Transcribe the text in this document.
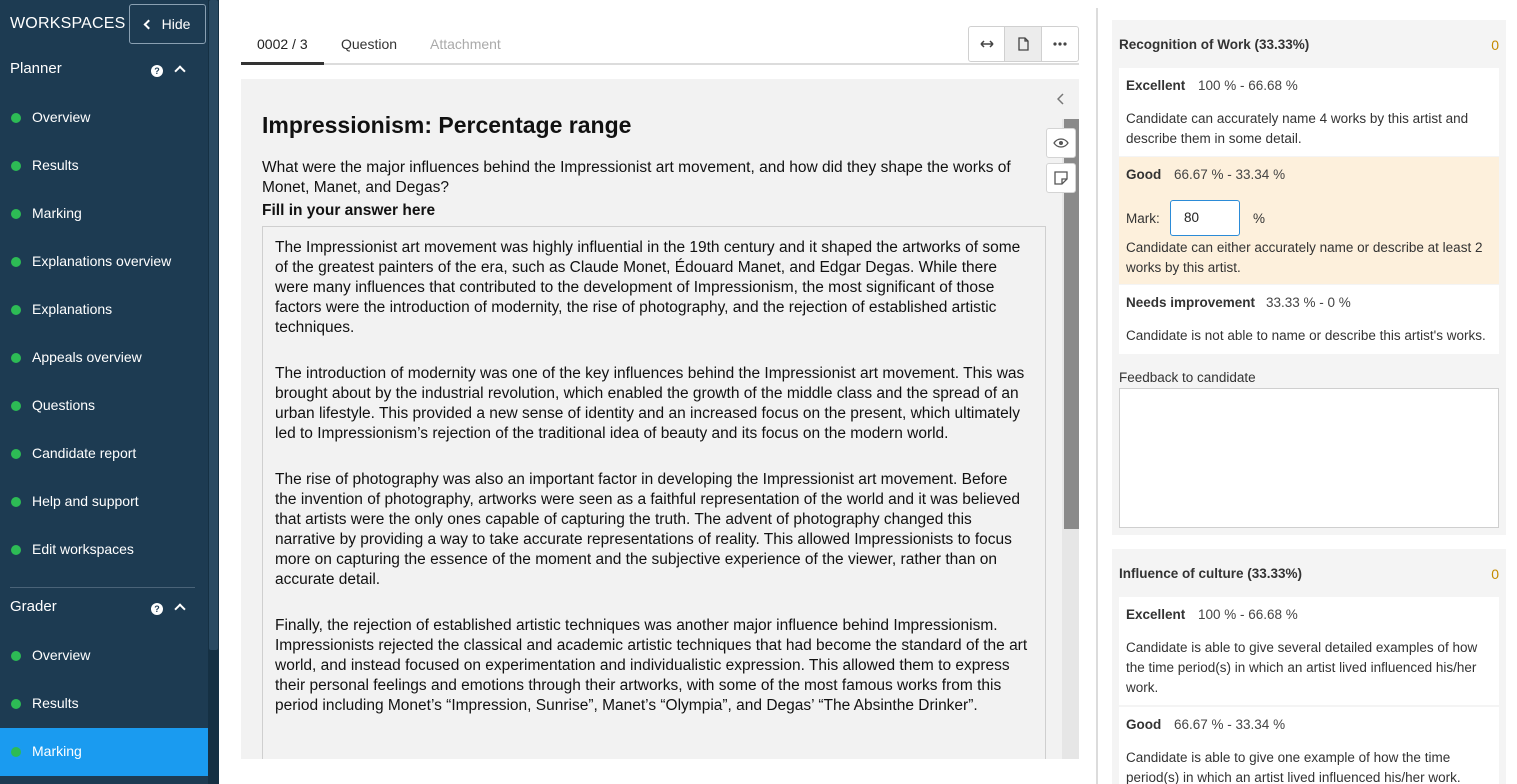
WORKSPACES	Hide
Planner	?
Overview
Results
Marking
Explanations overview
Explanations
Appeals overview
Questions
Candidate report
Help and support
Edit workspaces
Grader	?
Overview
Results
Marking
0002 / 3 Question Attachment
Impressionism: Percentage range
What were the major influences behind the Impressionist art movement, and how did they shape the works of Monet, Manet, and Degas?
Fill in your answer here

The Impressionist art movement was highly influential in the 19th century and it shaped the artworks of some of the greatest painters of the era, such as Claude Monet, Édouard Manet, and Edgar Degas. While there were many influences that contributed to the development of Impressionism, the most significant of those factors were the introduction of modernity, the rise of photography, and the rejection of established artistic techniques.

The introduction of modernity was one of the key influences behind the Impressionist art movement. This was brought about by the industrial revolution, which enabled the growth of the middle class and the spread of an urban lifestyle. This provided a new sense of identity and an increased focus on the present, which ultimately led to Impressionism’s rejection of the traditional idea of beauty and its focus on the modern world.

The rise of photography was also an important factor in developing the Impressionist art movement. Before the invention of photography, artworks were seen as a faithful representation of the world and it was believed that artists were the only ones capable of capturing the truth. The advent of photography changed this narrative by providing a way to take accurate representations of reality. This allowed Impressionists to focus more on capturing the essence of the moment and the subjective experience of the viewer, rather than on accurate detail.

Finally, the rejection of established artistic techniques was another major influence behind Impressionism. Impressionists rejected the classical and academic artistic techniques that had become the standard of the art world, and instead focused on experimentation and individualistic expression. This allowed them to express their personal feelings and emotions through their artworks, with some of the most famous works from this period including Monet’s “Impression, Sunrise”, Manet’s “Olympia”, and Degas’ “The Absinthe Drinker”.

Recognition of Work (33.33%)	0
Excellent 100 % - 66.68 %
Candidate can accurately name 4 works by this artist and describe them in some detail.
Good 66.67 % - 33.34 %
Mark:	80	%
Candidate can either accurately name or describe at least 2 works by this artist.
Needs improvement 33.33 % - 0 %
Candidate is not able to name or describe this artist's works.
Feedback to candidate
Influence of culture (33.33%)	0
Excellent 100 % - 66.68 %
Candidate is able to give several detailed examples of how the time period(s) in which an artist lived influenced his/her work.
Good 66.67 % - 33.34 %
Candidate is able to give one example of how the time period(s) in which an artist lived influenced his/her work.
